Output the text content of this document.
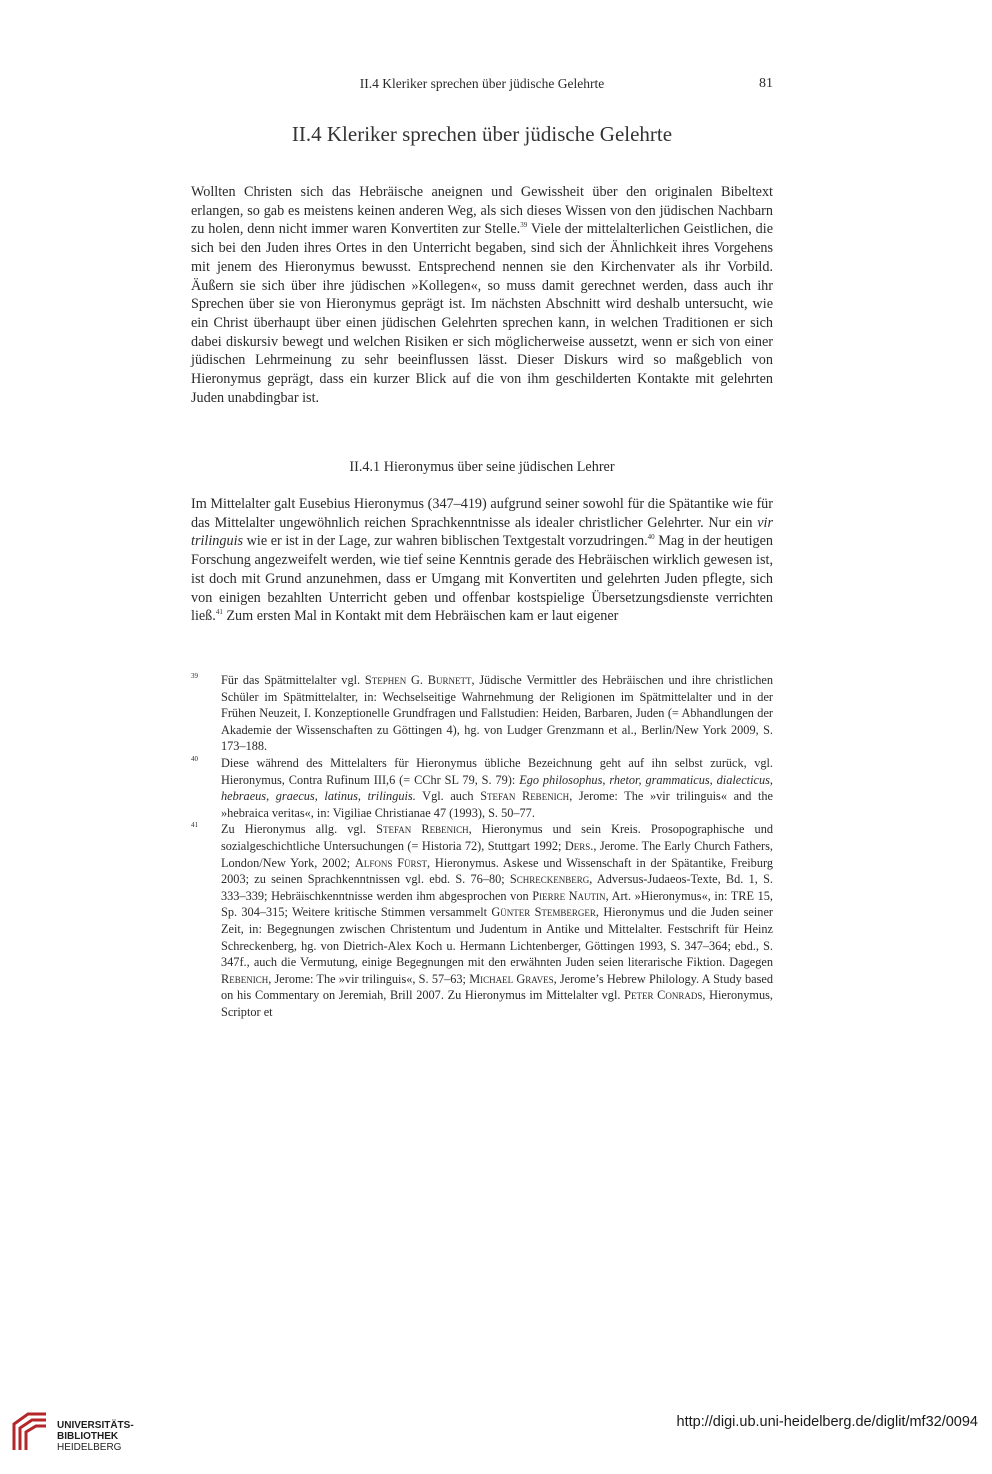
II.4 Kleriker sprechen über jüdische Gelehrte	81
II.4 Kleriker sprechen über jüdische Gelehrte
Wollten Christen sich das Hebräische aneignen und Gewissheit über den originalen Bibeltext erlangen, so gab es meistens keinen anderen Weg, als sich dieses Wissen von den jüdischen Nachbarn zu holen, denn nicht immer waren Konvertiten zur Stelle.$^{39}$ Viele der mittelalterlichen Geistlichen, die sich bei den Juden ihres Ortes in den Unterricht begaben, sind sich der Ähnlichkeit ihres Vorgehens mit jenem des Hieronymus bewusst. Entsprechend nennen sie den Kirchenvater als ihr Vorbild. Äußern sie sich über ihre jüdischen »Kollegen«, so muss damit gerechnet werden, dass auch ihr Sprechen über sie von Hieronymus geprägt ist. Im nächsten Abschnitt wird deshalb untersucht, wie ein Christ überhaupt über einen jüdischen Gelehrten sprechen kann, in welchen Traditionen er sich dabei diskursiv bewegt und welchen Risiken er sich möglicherweise aussetzt, wenn er sich von einer jüdischen Lehrmeinung zu sehr beeinflussen lässt. Dieser Diskurs wird so maßgeblich von Hieronymus geprägt, dass ein kurzer Blick auf die von ihm geschilderten Kontakte mit gelehrten Juden unabdingbar ist.
II.4.1 Hieronymus über seine jüdischen Lehrer
Im Mittelalter galt Eusebius Hieronymus (347–419) aufgrund seiner sowohl für die Spätantike wie für das Mittelalter ungewöhnlich reichen Sprachkenntnisse als idealer christlicher Gelehrter. Nur ein vir trilinguis wie er ist in der Lage, zur wahren biblischen Textgestalt vorzudringen.$^{40}$ Mag in der heutigen Forschung angezweifelt werden, wie tief seine Kenntnis gerade des Hebräischen wirklich gewesen ist, ist doch mit Grund anzunehmen, dass er Umgang mit Konvertiten und gelehrten Juden pflegte, sich von einigen bezahlten Unterricht geben und offenbar kostspielige Übersetzungsdienste verrichten ließ.$^{41}$ Zum ersten Mal in Kontakt mit dem Hebräischen kam er laut eigener
39 Für das Spätmittelalter vgl. Stephen G. Burnett, Jüdische Vermittler des Hebräischen und ihre christlichen Schüler im Spätmittelalter, in: Wechselseitige Wahrnehmung der Religionen im Spätmittelalter und in der Frühen Neuzeit, I. Konzeptionelle Grundfragen und Fallstudien: Heiden, Barbaren, Juden (= Abhandlungen der Akademie der Wissenschaften zu Göttingen 4), hg. von Ludger Grenzmann et al., Berlin/New York 2009, S. 173–188.
40 Diese während des Mittelalters für Hieronymus übliche Bezeichnung geht auf ihn selbst zurück, vgl. Hieronymus, Contra Rufinum III,6 (= CChr SL 79, S. 79): Ego philosophus, rhetor, grammaticus, dialecticus, hebraeus, graecus, latinus, trilinguis. Vgl. auch Stefan Rebenich, Jerome: The »vir trilinguis« and the »hebraica veritas«, in: Vigiliae Christianae 47 (1993), S. 50–77.
41 Zu Hieronymus allg. vgl. Stefan Rebenich, Hieronymus und sein Kreis. Prosopographische und sozialgeschichtliche Untersuchungen (= Historia 72), Stuttgart 1992; Ders., Jerome. The Early Church Fathers, London/New York, 2002; Alfons Fürst, Hieronymus. Askese und Wissenschaft in der Spätantike, Freiburg 2003; zu seinen Sprachkenntnissen vgl. ebd. S. 76–80; Schreckenberg, Adversus-Judaeos-Texte, Bd. 1, S. 333–339; Hebräischkenntnisse werden ihm abgesprochen von Pierre Nautin, Art. »Hieronymus«, in: TRE 15, Sp. 304–315; Weitere kritische Stimmen versammelt Günter Stemberger, Hieronymus und die Juden seiner Zeit, in: Begegnungen zwischen Christentum und Judentum in Antike und Mittelalter. Festschrift für Heinz Schreckenberg, hg. von Dietrich-Alex Koch u. Hermann Lichtenberger, Göttingen 1993, S. 347–364; ebd., S. 347f., auch die Vermutung, einige Begegnungen mit den erwähnten Juden seien literarische Fiktion. Dagegen Rebenich, Jerome: The »vir trilinguis«, S. 57–63; Michael Graves, Jerome’s Hebrew Philology. A Study based on his Commentary on Jeremiah, Brill 2007. Zu Hieronymus im Mittelalter vgl. Peter Conrads, Hieronymus, Scriptor et
UNIVERSITÄTS-
BIBLIOTHEK
HEIDELBERG
http://digi.ub.uni-heidelberg.de/diglit/mf32/0094
